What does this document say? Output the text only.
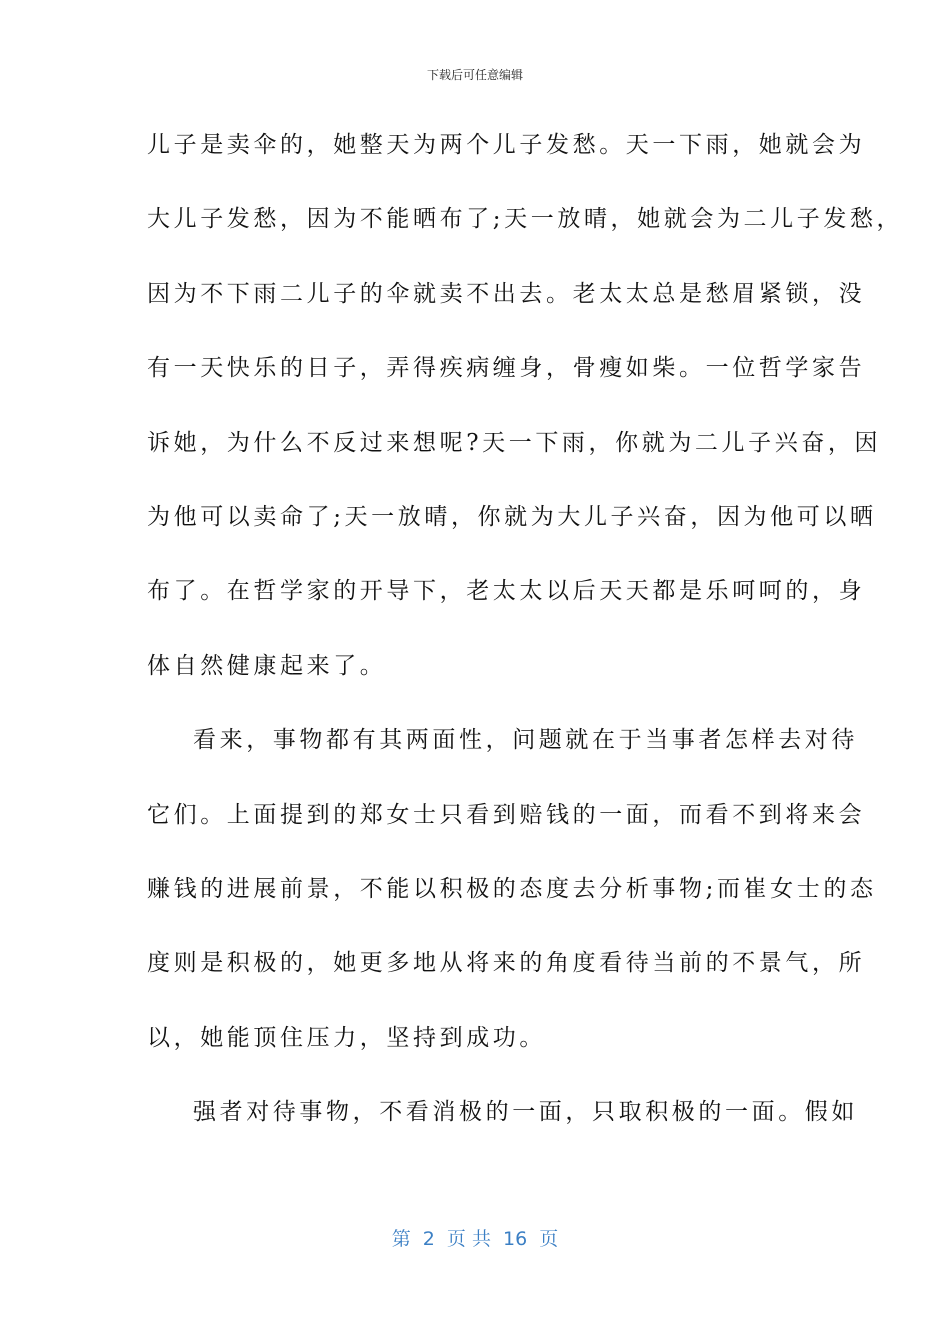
下载后可任意编辑
儿子是卖伞的，她整天为两个儿子发愁。天一下雨，她就会为
大儿子发愁，因为不能晒布了;天一放晴，她就会为二儿子发愁，
因为不下雨二儿子的伞就卖不出去。老太太总是愁眉紧锁，没
有一天快乐的日子，弄得疾病缠身，骨瘦如柴。一位哲学家告
诉她，为什么不反过来想呢?天一下雨，你就为二儿子兴奋，因
为他可以卖命了;天一放晴，你就为大儿子兴奋，因为他可以晒
布了。在哲学家的开导下，老太太以后天天都是乐呵呵的，身
体自然健康起来了。
看来，事物都有其两面性，问题就在于当事者怎样去对待
它们。上面提到的郑女士只看到赔钱的一面，而看不到将来会
赚钱的进展前景，不能以积极的态度去分析事物;而崔女士的态
度则是积极的，她更多地从将来的角度看待当前的不景气，所
以，她能顶住压力，坚持到成功。
强者对待事物，不看消极的一面，只取积极的一面。假如
第  2  页 共  16  页
